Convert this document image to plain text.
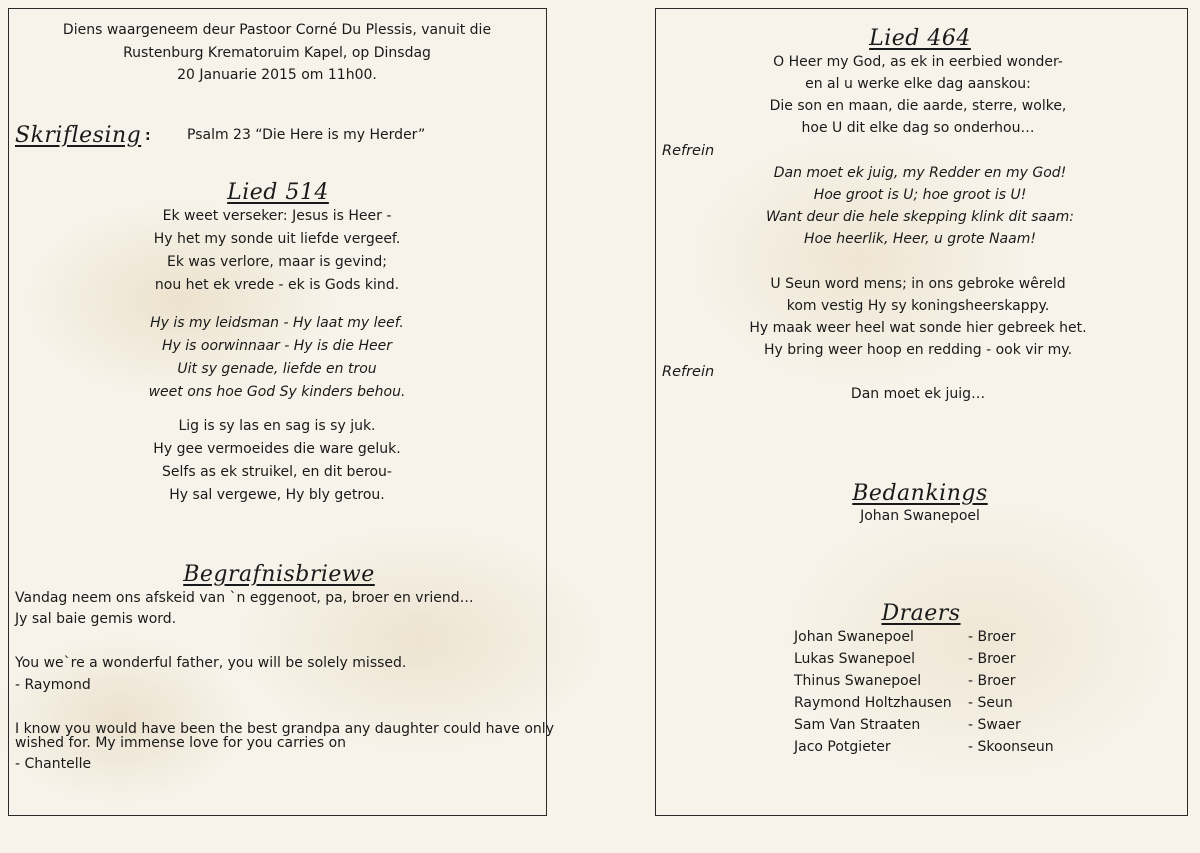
Diens waargeneem deur Pastoor Corné Du Plessis, vanuit die
Rustenburg Krematoruim Kapel, op Dinsdag
20 Januarie 2015 om 11h00.
Skriflesing :	Psalm 23 “Die Here is my Herder”
Lied 514
Ek weet verseker: Jesus is Heer -
Hy het my sonde uit liefde vergeef.
Ek was verlore, maar is gevind;
nou het ek vrede - ek is Gods kind.
Hy is my leidsman - Hy laat my leef.
Hy is oorwinnaar - Hy is die Heer
Uit sy genade, liefde en trou
weet ons hoe God Sy kinders behou.
Lig is sy las en sag is sy juk.
Hy gee vermoeides die ware geluk.
Selfs as ek struikel, en dit berou-
Hy sal vergewe, Hy bly getrou.
Begrafnisbriewe
Vandag neem ons afskeid van `n eggenoot, pa, broer en vriend…
Jy sal baie gemis word.
You we`re a wonderful father, you will be solely missed.
- Raymond
I know you would have been the best grandpa any daughter could have only
wished for. My immense love for you carries on
- Chantelle
Lied 464
O Heer my God, as ek in eerbied wonder-
en al u werke elke dag aanskou:
Die son en maan, die aarde, sterre, wolke,
hoe U dit elke dag so onderhou…
Refrein
Dan moet ek juig, my Redder en my God!
Hoe groot is U; hoe groot is U!
Want deur die hele skepping klink dit saam:
Hoe heerlik, Heer, u grote Naam!
U Seun word mens; in ons gebroke wêreld
kom vestig Hy sy koningsheerskappy.
Hy maak weer heel wat sonde hier gebreek het.
Hy bring weer hoop en redding - ook vir my.
Refrein
Dan moet ek juig…
Bedankings
Johan Swanepoel
Draers
Johan Swanepoel	- Broer
Lukas Swanepoel	- Broer
Thinus Swanepoel	- Broer
Raymond Holtzhausen - Seun
Sam Van Straaten	- Swaer
Jaco Potgieter	- Skoonseun
